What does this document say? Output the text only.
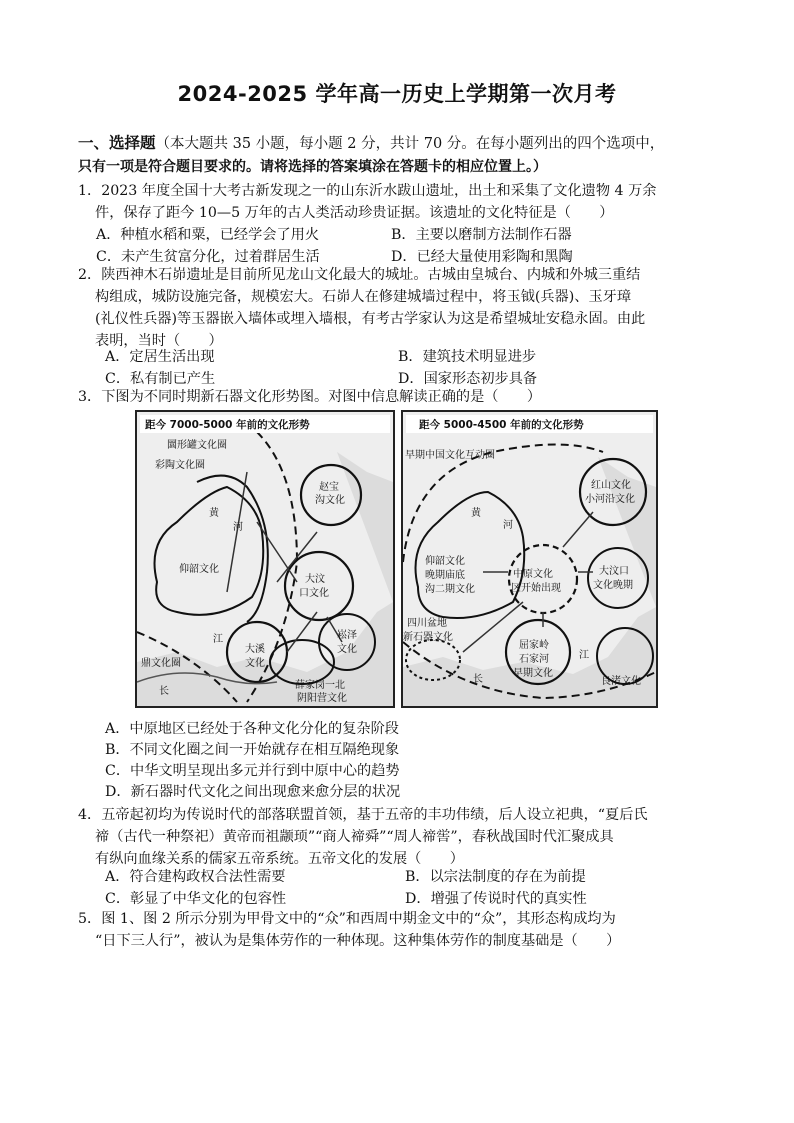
2024-2025 学年高一历史上学期第一次月考
一、选择题（本大题共 35 小题，每小题 2 分，共计 70 分。在每小题列出的四个选项中，
只有一项是符合题目要求的。请将选择的答案填涂在答题卡的相应位置上。）
1．2023 年度全国十大考古新发现之一的山东沂水跋山遗址，出土和采集了文化遗物 4 万余
件，保存了距今 10—5 万年的古人类活动珍贵证据。该遗址的文化特征是（　　）
A．种植水稻和粟，已经学会了用火	B．主要以磨制方法制作石器
C．未产生贫富分化，过着群居生活	D．已经大量使用彩陶和黑陶
2．陕西神木石峁遗址是目前所见龙山文化最大的城址。古城由皇城台、内城和外城三重结
构组成，城防设施完备，规模宏大。石峁人在修建城墙过程中，将玉钺(兵器)、玉牙璋
(礼仪性兵器)等玉器嵌入墙体或埋入墙根，有考古学家认为这是希望城址安稳永固。由此
表明，当时（　　）
A．定居生活出现	B．建筑技术明显进步
C．私有制已产生	D．国家形态初步具备
3．下图为不同时期新石器文化形势图。对图中信息解读正确的是（　　）
距今 7000-5000 年前的文化形势
圜形罐文化圈
彩陶文化圈
赵宝
沟文化
黄
河
仰韶文化
大汶
口文化
江
大溪
文化
崧泽
文化
鼎文化圈
长
薛家岗一北
阴阳营文化
距今 5000-4500 年前的文化形势
早期中国文化互动圈
红山文化
小河沿文化
黄
河
仰韶文化
晚期庙底
沟二期文化
中原文化
区开始出现
大汶口
文化晚期
四川盆地
新石器文化
屈家岭
石家河
早期文化
江
长	良渚文化
A．中原地区已经处于各种文化分化的复杂阶段
B．不同文化圈之间一开始就存在相互隔绝现象
C．中华文明呈现出多元并行到中原中心的趋势
D．新石器时代文化之间出现愈来愈分层的状况
4．五帝起初均为传说时代的部落联盟首领，基于五帝的丰功伟绩，后人设立祀典，“夏后氏
禘（古代一种祭祀）黄帝而祖颛顼”“商人禘舜”“周人禘喾”，春秋战国时代汇聚成具
有纵向血缘关系的儒家五帝系统。五帝文化的发展（　　）
A．符合建构政权合法性需要	B．以宗法制度的存在为前提
C．彰显了中华文化的包容性	D．增强了传说时代的真实性
5．图 1、图 2 所示分别为甲骨文中的“众”和西周中期金文中的“众”，其形态构成均为
“日下三人行”，被认为是集体劳作的一种体现。这种集体劳作的制度基础是（　　）
